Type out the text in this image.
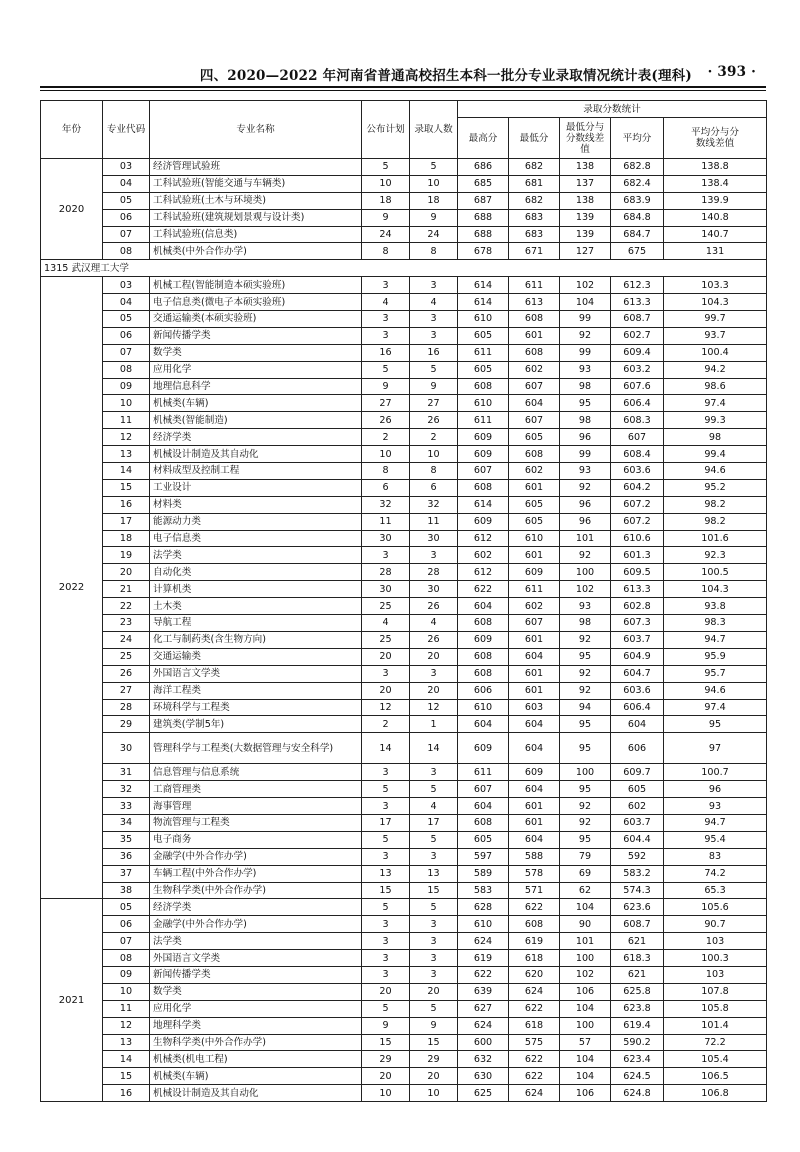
四、2020—2022 年河南省普通高校招生本科一批分专业录取情况统计表(理科) · 393 ·
年份	专业代码	专业名称	公布计划	录取人数	录取分数统计				
					最高分	最低分	最低分与分数线差值	平均分	平均分与分数线差值
2020	03	经济管理试验班	5	5	686	682	138	682.8	138.8
	04	工科试验班(智能交通与车辆类)	10	10	685	681	137	682.4	138.4
	05	工科试验班(土木与环境类)	18	18	687	682	138	683.9	139.9
	06	工科试验班(建筑规划景观与设计类)	9	9	688	683	139	684.8	140.8
	07	工科试验班(信息类)	24	24	688	683	139	684.7	140.7
	08	机械类(中外合作办学)	8	8	678	671	127	675	131
1315 武汉理工大学									
2022	03	机械工程(智能制造本硕实验班)	3	3	614	611	102	612.3	103.3
	04	电子信息类(微电子本硕实验班)	4	4	614	613	104	613.3	104.3
	05	交通运输类(本硕实验班)	3	3	610	608	99	608.7	99.7
	06	新闻传播学类	3	3	605	601	92	602.7	93.7
	07	数学类	16	16	611	608	99	609.4	100.4
	08	应用化学	5	5	605	602	93	603.2	94.2
	09	地理信息科学	9	9	608	607	98	607.6	98.6
	10	机械类(车辆)	27	27	610	604	95	606.4	97.4
	11	机械类(智能制造)	26	26	611	607	98	608.3	99.3
	12	经济学类	2	2	609	605	96	607	98
	13	机械设计制造及其自动化	10	10	609	608	99	608.4	99.4
	14	材料成型及控制工程	8	8	607	602	93	603.6	94.6
	15	工业设计	6	6	608	601	92	604.2	95.2
	16	材料类	32	32	614	605	96	607.2	98.2
	17	能源动力类	11	11	609	605	96	607.2	98.2
	18	电子信息类	30	30	612	610	101	610.6	101.6
	19	法学类	3	3	602	601	92	601.3	92.3
	20	自动化类	28	28	612	609	100	609.5	100.5
	21	计算机类	30	30	622	611	102	613.3	104.3
	22	土木类	25	26	604	602	93	602.8	93.8
	23	导航工程	4	4	608	607	98	607.3	98.3
	24	化工与制药类(含生物方向)	25	26	609	601	92	603.7	94.7
	25	交通运输类	20	20	608	604	95	604.9	95.9
	26	外国语言文学类	3	3	608	601	92	604.7	95.7
	27	海洋工程类	20	20	606	601	92	603.6	94.6
	28	环境科学与工程类	12	12	610	603	94	606.4	97.4
	29	建筑类(学制5年)	2	1	604	604	95	604	95
	30	管理科学与工程类(大数据管理与安全科学)	14	14	609	604	95	606	97
	31	信息管理与信息系统	3	3	611	609	100	609.7	100.7
	32	工商管理类	5	5	607	604	95	605	96
	33	海事管理	3	4	604	601	92	602	93
	34	物流管理与工程类	17	17	608	601	92	603.7	94.7
	35	电子商务	5	5	605	604	95	604.4	95.4
	36	金融学(中外合作办学)	3	3	597	588	79	592	83
	37	车辆工程(中外合作办学)	13	13	589	578	69	583.2	74.2
	38	生物科学类(中外合作办学)	15	15	583	571	62	574.3	65.3
2021	05	经济学类	5	5	628	622	104	623.6	105.6
	06	金融学(中外合作办学)	3	3	610	608	90	608.7	90.7
	07	法学类	3	3	624	619	101	621	103
	08	外国语言文学类	3	3	619	618	100	618.3	100.3
	09	新闻传播学类	3	3	622	620	102	621	103
	10	数学类	20	20	639	624	106	625.8	107.8
	11	应用化学	5	5	627	622	104	623.8	105.8
	12	地理科学类	9	9	624	618	100	619.4	101.4
	13	生物科学类(中外合作办学)	15	15	600	575	57	590.2	72.2
	14	机械类(机电工程)	29	29	632	622	104	623.4	105.4
	15	机械类(车辆)	20	20	630	622	104	624.5	106.5
	16	机械设计制造及其自动化	10	10	625	624	106	624.8	106.8
